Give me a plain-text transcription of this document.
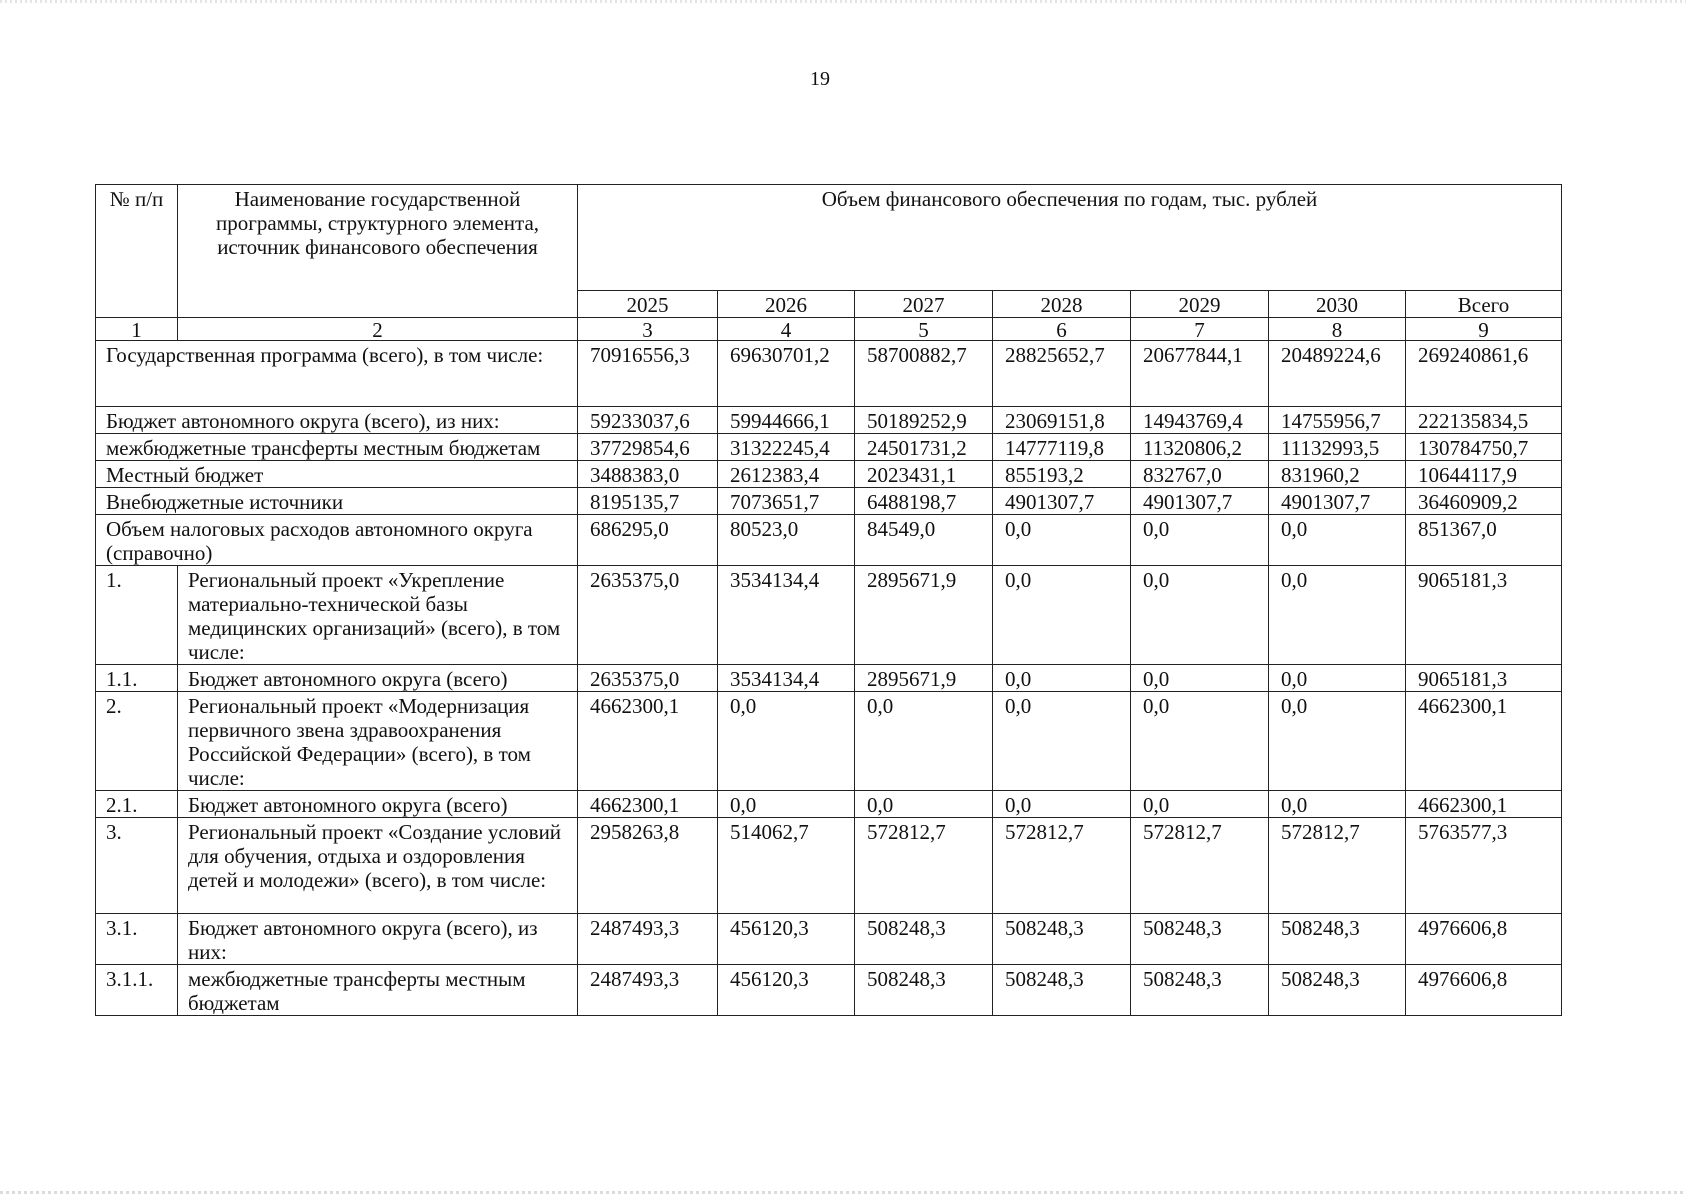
19
№ п/п	Наименование государственной программы, структурного элемента, источник финансового обеспечения	Объем финансового обеспечения по годам, тыс. рублей						
		2025	2026	2027	2028	2029	2030	Всего
1	2	3	4	5	6	7	8	9
Государственная программа (всего), в том числе:		70916556,3	69630701,2	58700882,7	28825652,7	20677844,1	20489224,6	269240861,6
Бюджет автономного округа (всего), из них:		59233037,6	59944666,1	50189252,9	23069151,8	14943769,4	14755956,7	222135834,5
межбюджетные трансферты местным бюджетам		37729854,6	31322245,4	24501731,2	14777119,8	11320806,2	11132993,5	130784750,7
Местный бюджет		3488383,0	2612383,4	2023431,1	855193,2	832767,0	831960,2	10644117,9
Внебюджетные источники		8195135,7	7073651,7	6488198,7	4901307,7	4901307,7	4901307,7	36460909,2
Объем налоговых расходов автономного округа (справочно)		686295,0	80523,0	84549,0	0,0	0,0	0,0	851367,0
1.	Региональный проект «Укрепление материально-технической базы медицинских организаций» (всего), в том числе:	2635375,0	3534134,4	2895671,9	0,0	0,0	0,0	9065181,3
1.1.	Бюджет автономного округа (всего)	2635375,0	3534134,4	2895671,9	0,0	0,0	0,0	9065181,3
2.	Региональный проект «Модернизация первичного звена здравоохранения Российской Федерации» (всего), в том числе:	4662300,1	0,0	0,0	0,0	0,0	0,0	4662300,1
2.1.	Бюджет автономного округа (всего)	4662300,1	0,0	0,0	0,0	0,0	0,0	4662300,1
3.	Региональный проект «Создание условий для обучения, отдыха и оздоровления детей и молодежи» (всего), в том числе:	2958263,8	514062,7	572812,7	572812,7	572812,7	572812,7	5763577,3
3.1.	Бюджет автономного округа (всего), из них:	2487493,3	456120,3	508248,3	508248,3	508248,3	508248,3	4976606,8
3.1.1.	межбюджетные трансферты местным бюджетам	2487493,3	456120,3	508248,3	508248,3	508248,3	508248,3	4976606,8
